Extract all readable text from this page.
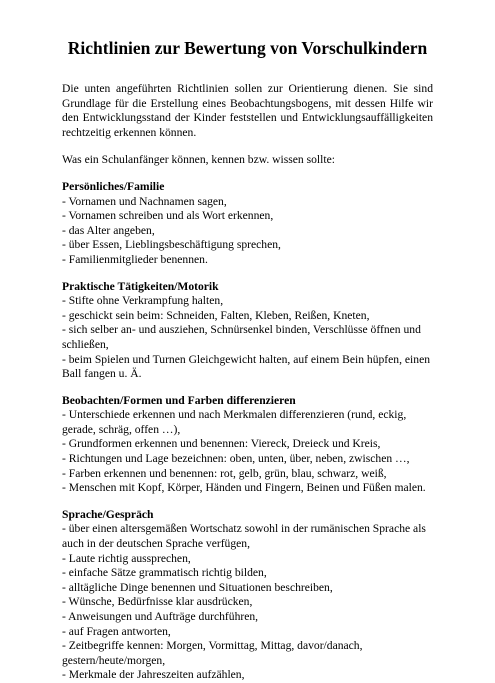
Richtlinien zur Bewertung von Vorschulkindern

Die unten angeführten Richtlinien sollen zur Orientierung dienen. Sie sind Grundlage für die Erstellung eines Beobachtungsbogens, mit dessen Hilfe wir den Entwicklungsstand der Kinder feststellen und Entwicklungsauffälligkeiten rechtzeitig erkennen können.

Was ein Schulanfänger können, kennen bzw. wissen sollte:

Persönliches/Familie
- Vornamen und Nachnamen sagen,
- Vornamen schreiben und als Wort erkennen,
- das Alter angeben,
- über Essen, Lieblingsbeschäftigung sprechen,
- Familienmitglieder benennen.
Praktische Tätigkeiten/Motorik
- Stifte ohne Verkrampfung halten,
- geschickt sein beim: Schneiden, Falten, Kleben, Reißen, Kneten,
- sich selber an- und ausziehen, Schnürsenkel binden, Verschlüsse öffnen und schließen,
- beim Spielen und Turnen Gleichgewicht halten, auf einem Bein hüpfen, einen Ball fangen u. Ä.
Beobachten/Formen und Farben differenzieren
- Unterschiede erkennen und nach Merkmalen differenzieren (rund, eckig, gerade, schräg, offen …),
- Grundformen erkennen und benennen: Viereck, Dreieck und Kreis,
- Richtungen und Lage bezeichnen: oben, unten, über, neben, zwischen …,
- Farben erkennen und benennen: rot, gelb, grün, blau, schwarz, weiß,
- Menschen mit Kopf, Körper, Händen und Fingern, Beinen und Füßen malen.
Sprache/Gespräch
- über einen altersgemäßen Wortschatz sowohl in der rumänischen Sprache als auch in der deutschen Sprache verfügen,
- Laute richtig aussprechen,
- einfache Sätze grammatisch richtig bilden,
- alltägliche Dinge benennen und Situationen beschreiben,
- Wünsche, Bedürfnisse klar ausdrücken,
- Anweisungen und Aufträge durchführen,
- auf Fragen antworten,
- Zeitbegriffe kennen: Morgen, Vormittag, Mittag, davor/danach, gestern/heute/morgen,
- Merkmale der Jahreszeiten aufzählen,
